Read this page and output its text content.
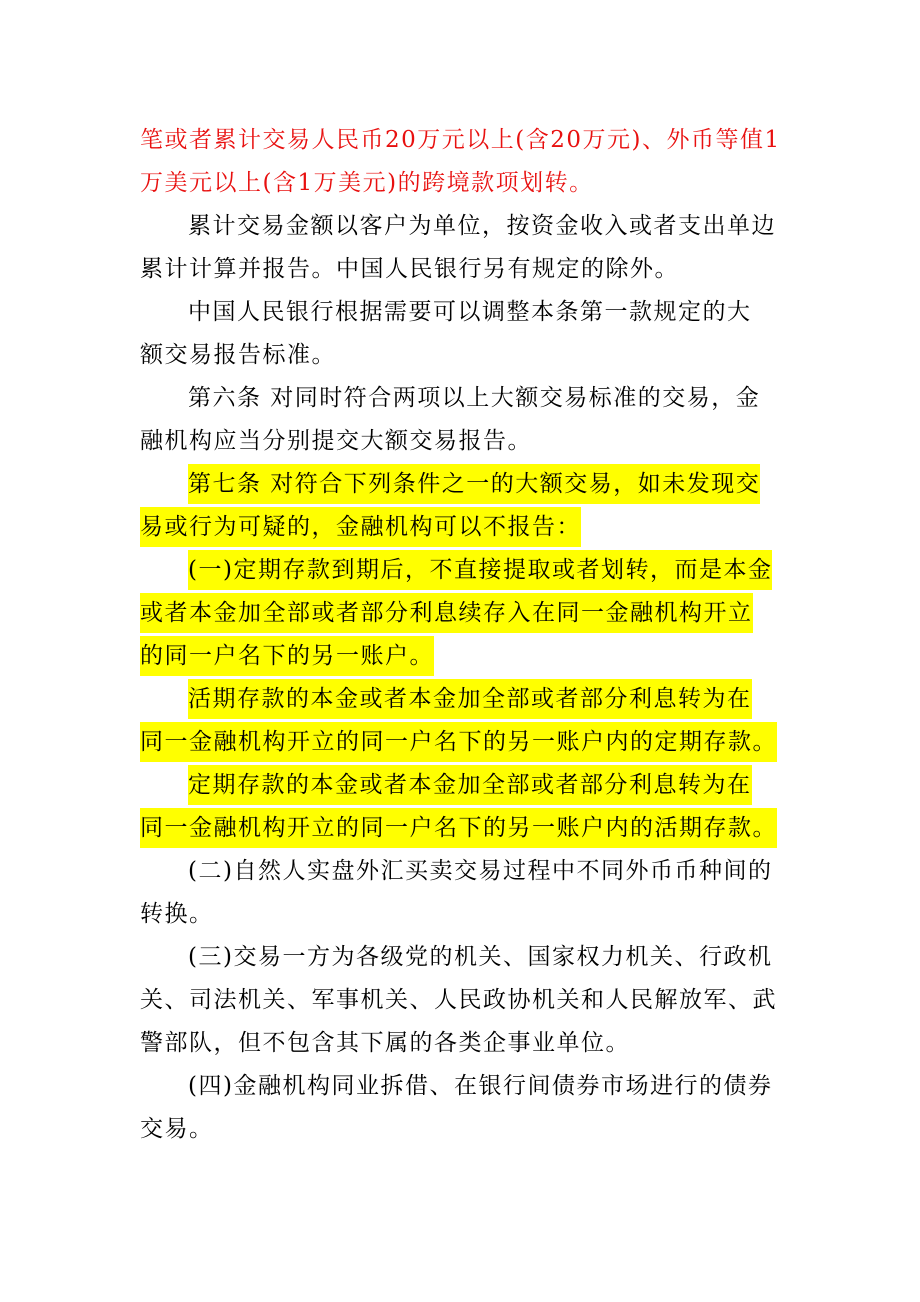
笔或者累计交易人民币20万元以上(含20万元)、外币等值1
万美元以上(含1万美元)的跨境款项划转。
累计交易金额以客户为单位，按资金收入或者支出单边
累计计算并报告。中国人民银行另有规定的除外。
中国人民银行根据需要可以调整本条第一款规定的大
额交易报告标准。
第六条 对同时符合两项以上大额交易标准的交易，金
融机构应当分别提交大额交易报告。
第七条 对符合下列条件之一的大额交易，如未发现交
易或行为可疑的，金融机构可以不报告：
(一)定期存款到期后，不直接提取或者划转，而是本金
或者本金加全部或者部分利息续存入在同一金融机构开立
的同一户名下的另一账户。
活期存款的本金或者本金加全部或者部分利息转为在
同一金融机构开立的同一户名下的另一账户内的定期存款。
定期存款的本金或者本金加全部或者部分利息转为在
同一金融机构开立的同一户名下的另一账户内的活期存款。
(二)自然人实盘外汇买卖交易过程中不同外币币种间的
转换。
(三)交易一方为各级党的机关、国家权力机关、行政机
关、司法机关、军事机关、人民政协机关和人民解放军、武
警部队，但不包含其下属的各类企事业单位。
(四)金融机构同业拆借、在银行间债券市场进行的债券
交易。
